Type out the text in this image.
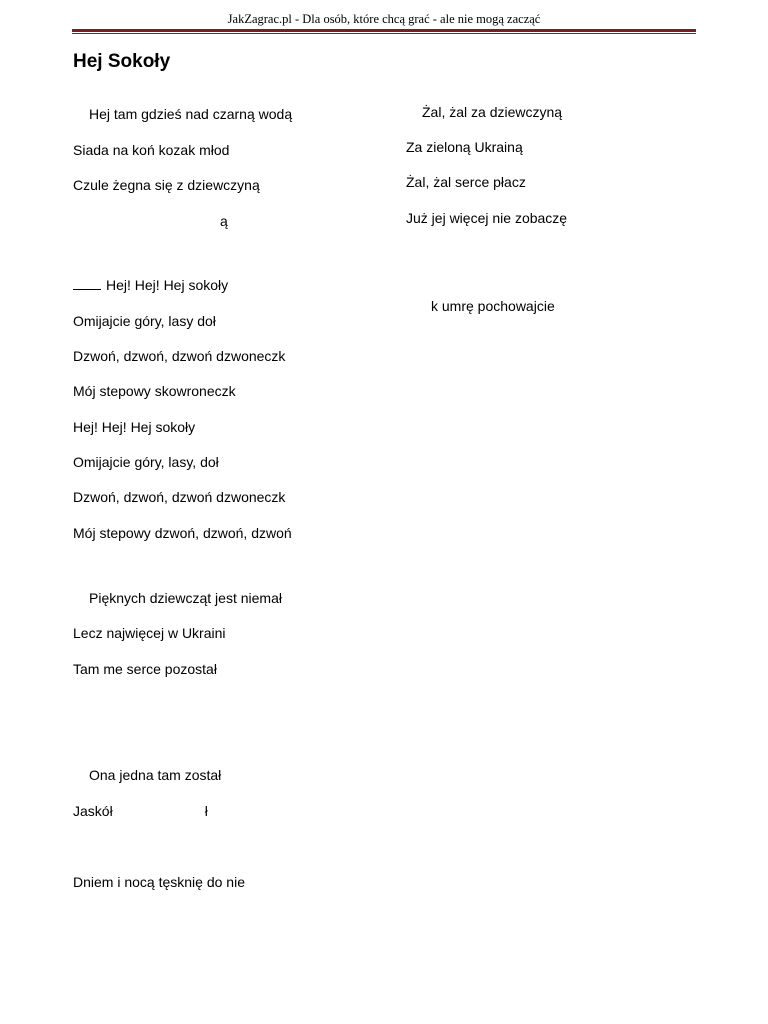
JakZagrac.pl - Dla osób, które chcą grać - ale nie mogą zacząć
Hej Sokoły
Hej tam gdzieś nad czarną wodą
Siada na koń kozak młod
Czule żegna się z dziewczyną
ą
Hej! Hej! Hej sokoły
Omijajcie góry, lasy doł
Dzwoń, dzwoń, dzwoń dzwoneczk
Mój stepowy skowroneczk
Hej! Hej! Hej sokoły
Omijajcie góry, lasy, doł
Dzwoń, dzwoń, dzwoń dzwoneczk
Mój stepowy dzwoń, dzwoń, dzwoń
Pięknych dziewcząt jest niemał
Lecz najwięcej w Ukraini
Tam me serce pozostał
Ona jedna tam został
Jaskół	ł
Dniem i nocą tęsknię do nie
Żal, żal za dziewczyną
Za zieloną Ukrainą
Żal, żal serce płacz
Już jej więcej nie zobaczę
k umrę pochowajcie
